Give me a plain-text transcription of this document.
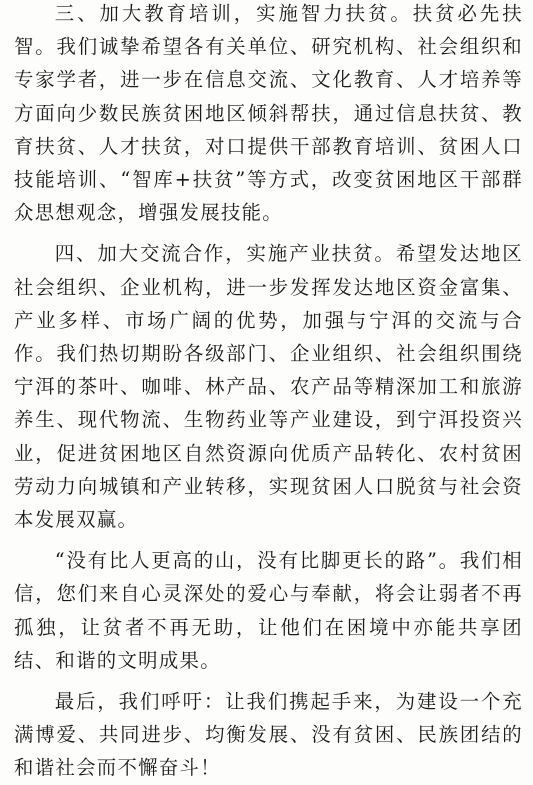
三、加大教育培训，实施智力扶贫。扶贫必先扶智。我们诚挚希望各有关单位、研究机构、社会组织和专家学者，进一步在信息交流、文化教育、人才培养等方面向少数民族贫困地区倾斜帮扶，通过信息扶贫、教育扶贫、人才扶贫，对口提供干部教育培训、贫困人口技能培训、“智库+扶贫”等方式，改变贫困地区干部群众思想观念，增强发展技能。

四、加大交流合作，实施产业扶贫。希望发达地区社会组织、企业机构，进一步发挥发达地区资金富集、产业多样、市场广阔的优势，加强与宁洱的交流与合作。我们热切期盼各级部门、企业组织、社会组织围绕宁洱的茶叶、咖啡、林产品、农产品等精深加工和旅游养生、现代物流、生物药业等产业建设，到宁洱投资兴业，促进贫困地区自然资源向优质产品转化、农村贫困劳动力向城镇和产业转移，实现贫困人口脱贫与社会资本发展双赢。

“没有比人更高的山，没有比脚更长的路”。我们相信，您们来自心灵深处的爱心与奉献，将会让弱者不再孤独，让贫者不再无助，让他们在困境中亦能共享团结、和谐的文明成果。

最后，我们呼吁：让我们携起手来，为建设一个充满博爱、共同进步、均衡发展、没有贫困、民族团结的和谐社会而不懈奋斗！
